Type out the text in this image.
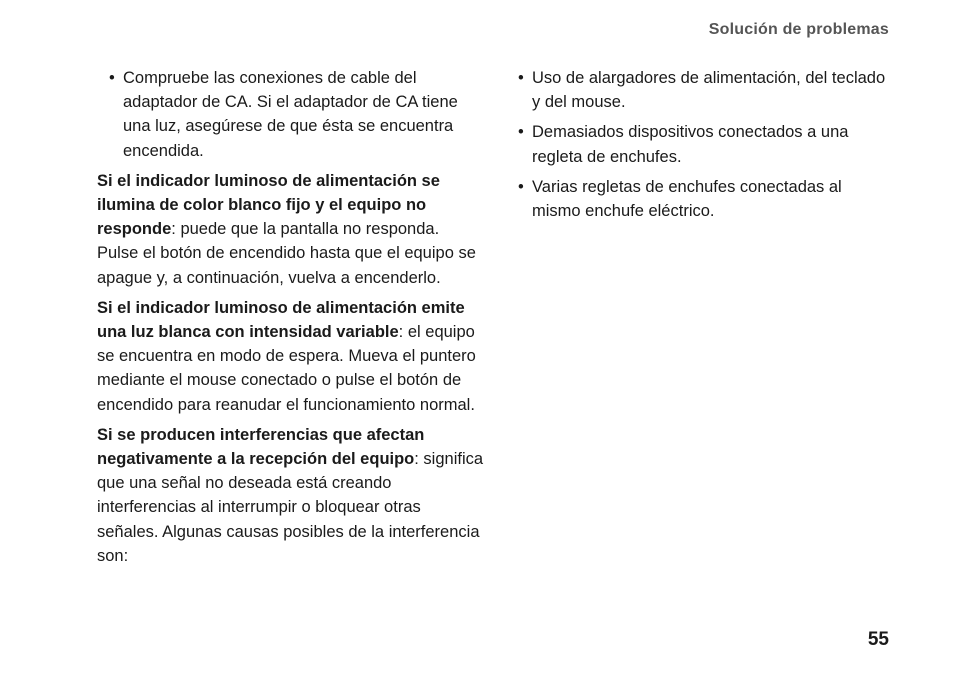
Solución de problemas
• Compruebe las conexiones de cable del adaptador de CA. Si el adaptador de CA tiene una luz, asegúrese de que ésta se encuentra encendida.

Si el indicador luminoso de alimentación se ilumina de color blanco fijo y el equipo no responde: puede que la pantalla no responda. Pulse el botón de encendido hasta que el equipo se apague y, a continuación, vuelva a encenderlo.

Si el indicador luminoso de alimentación emite una luz blanca con intensidad variable: el equipo se encuentra en modo de espera. Mueva el puntero mediante el mouse conectado o pulse el botón de encendido para reanudar el funcionamiento normal.

Si se producen interferencias que afectan negativamente a la recepción del equipo: significa que una señal no deseada está creando interferencias al interrumpir o bloquear otras señales. Algunas causas posibles de la interferencia son:

• Uso de alargadores de alimentación, del teclado y del mouse.
• Demasiados dispositivos conectados a una regleta de enchufes.
• Varias regletas de enchufes conectadas al mismo enchufe eléctrico.
55
